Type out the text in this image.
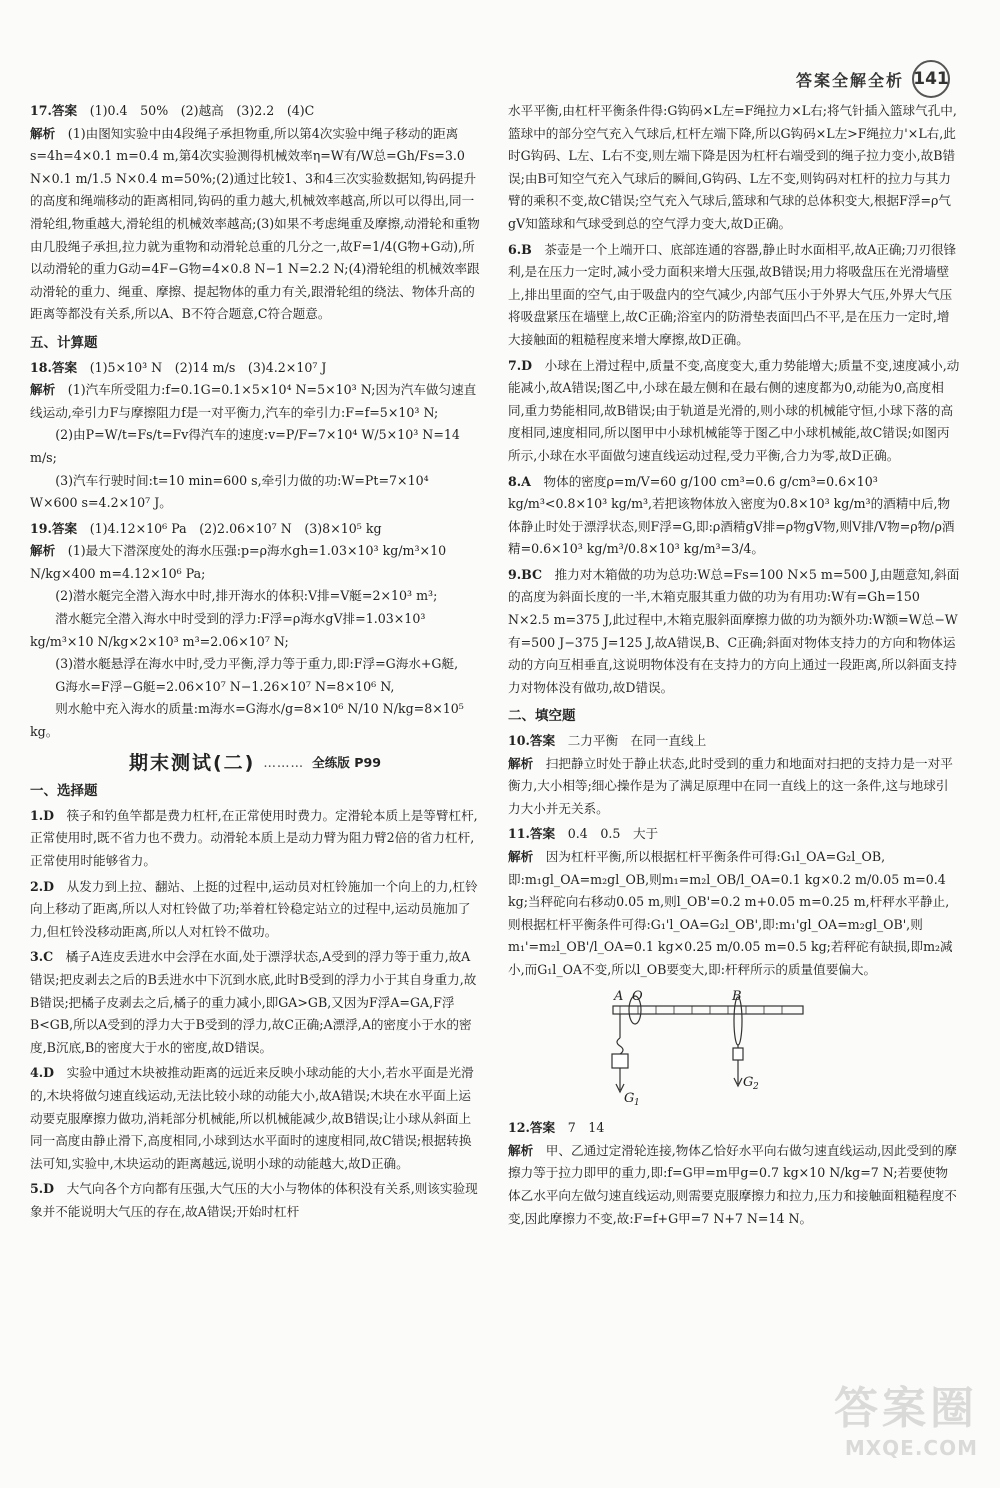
答案全解全析 141

17.答案　 (1)0.4　50%　(2)越高　(3)2.2　(4)C

解析　 (1)由图知实验中由4段绳子承担物重,所以第4次实验中绳子移动的距离s=4h=4×0.1 m=0.4 m,第4次实验测得机械效率η=W有/W总=Gh/Fs=3.0 N×0.1 m/1.5 N×0.4 m=50%;(2)通过比较1、3和4三次实验数据知,钩码提升的高度和绳端移动的距离相同,钩码的重力越大,机械效率越高,所以可以得出,同一滑轮组,物重越大,滑轮组的机械效率越高;(3)如果不考虑绳重及摩擦,动滑轮和重物由几股绳子承担,拉力就为重物和动滑轮总重的几分之一,故F=1/4(G物+G动),所以动滑轮的重力G动=4F−G物=4×0.8 N−1 N=2.2 N;(4)滑轮组的机械效率跟动滑轮的重力、绳重、摩擦、提起物体的重力有关,跟滑轮组的绕法、物体升高的距离等都没有关系,所以A、B不符合题意,C符合题意。

五、计算题

18.答案　 (1)5×10³ N　(2)14 m/s　(3)4.2×10⁷ J

解析　 (1)汽车所受阻力:f=0.1G=0.1×5×10⁴ N=5×10³ N;因为汽车做匀速直线运动,牵引力F与摩擦阻力f是一对平衡力,汽车的牵引力:F=f=5×10³ N;

(2)由P=W/t=Fs/t=Fv得汽车的速度:v=P/F=7×10⁴ W/5×10³ N=14 m/s;

(3)汽车行驶时间:t=10 min=600 s,牵引力做的功:W=Pt=7×10⁴ W×600 s=4.2×10⁷ J。

19.答案　 (1)4.12×10⁶ Pa　(2)2.06×10⁷ N　(3)8×10⁵ kg

解析　 (1)最大下潜深度处的海水压强:p=ρ海水gh=1.03×10³ kg/m³×10 N/kg×400 m=4.12×10⁶ Pa;

(2)潜水艇完全潜入海水中时,排开海水的体积:V排=V艇=2×10³ m³;

潜水艇完全潜入海水中时受到的浮力:F浮=ρ海水gV排=1.03×10³ kg/m³×10 N/kg×2×10³ m³=2.06×10⁷ N;

(3)潜水艇悬浮在海水中时,受力平衡,浮力等于重力,即:F浮=G海水+G艇,

G海水=F浮−G艇=2.06×10⁷ N−1.26×10⁷ N=8×10⁶ N,

则水舱中充入海水的质量:m海水=G海水/g=8×10⁶ N/10 N/kg=8×10⁵ kg。

期末测试(二) ……… 全练版 P99
一、选择题

1.D　 筷子和钓鱼竿都是费力杠杆,在正常使用时费力。定滑轮本质上是等臂杠杆,正常使用时,既不省力也不费力。动滑轮本质上是动力臂为阻力臂2倍的省力杠杆,正常使用时能够省力。

2.D　 从发力到上拉、翻站、上挺的过程中,运动员对杠铃施加一个向上的力,杠铃向上移动了距离,所以人对杠铃做了功;举着杠铃稳定站立的过程中,运动员施加了力,但杠铃没移动距离,所以人对杠铃不做功。

3.C　 橘子A连皮丢进水中会浮在水面,处于漂浮状态,A受到的浮力等于重力,故A错误;把皮剥去之后的B丢进水中下沉到水底,此时B受到的浮力小于其自身重力,故B错误;把橘子皮剥去之后,橘子的重力减小,即GA>GB,又因为F浮A=GA,F浮B<GB,所以A受到的浮力大于B受到的浮力,故C正确;A漂浮,A的密度小于水的密度,B沉底,B的密度大于水的密度,故D错误。

4.D　 实验中通过木块被推动距离的远近来反映小球动能的大小,若水平面是光滑的,木块将做匀速直线运动,无法比较小球的动能大小,故A错误;木块在水平面上运动要克服摩擦力做功,消耗部分机械能,所以机械能减少,故B错误;让小球从斜面上同一高度由静止滑下,高度相同,小球到达水平面时的速度相同,故C错误;根据转换法可知,实验中,木块运动的距离越远,说明小球的动能越大,故D正确。

5.D　 大气向各个方向都有压强,大气压的大小与物体的体积没有关系,则该实验现象并不能说明大气压的存在,故A错误;开始时杠杆

水平平衡,由杠杆平衡条件得:G钩码×L左=F绳拉力×L右;将气针插入篮球气孔中,篮球中的部分空气充入气球后,杠杆左端下降,所以G钩码×L左>F绳拉力'×L右,此时G钩码、L左、L右不变,则左端下降是因为杠杆右端受到的绳子拉力变小,故B错误;由B可知空气充入气球后的瞬间,G钩码、L左不变,则钩码对杠杆的拉力与其力臂的乘积不变,故C错误;空气充入气球后,篮球和气球的总体积变大,根据F浮=ρ气gV知篮球和气球受到总的空气浮力变大,故D正确。

6.B　 茶壶是一个上端开口、底部连通的容器,静止时水面相平,故A正确;刀刃很锋利,是在压力一定时,减小受力面积来增大压强,故B错误;用力将吸盘压在光滑墙壁上,排出里面的空气,由于吸盘内的空气减少,内部气压小于外界大气压,外界大气压将吸盘紧压在墙壁上,故C正确;浴室内的防滑垫表面凹凸不平,是在压力一定时,增大接触面的粗糙程度来增大摩擦,故D正确。

7.D　 小球在上滑过程中,质量不变,高度变大,重力势能增大;质量不变,速度减小,动能减小,故A错误;图乙中,小球在最左侧和在最右侧的速度都为0,动能为0,高度相同,重力势能相同,故B错误;由于轨道是光滑的,则小球的机械能守恒,小球下落的高度相同,速度相同,所以图甲中小球机械能等于图乙中小球机械能,故C错误;如图丙所示,小球在水平面做匀速直线运动过程,受力平衡,合力为零,故D正确。

8.A　 物体的密度ρ=m/V=60 g/100 cm³=0.6 g/cm³=0.6×10³ kg/m³<0.8×10³ kg/m³,若把该物体放入密度为0.8×10³ kg/m³的酒精中后,物体静止时处于漂浮状态,则F浮=G,即:ρ酒精gV排=ρ物gV物,则V排/V物=ρ物/ρ酒精=0.6×10³ kg/m³/0.8×10³ kg/m³=3/4。

9.BC　 推力对木箱做的功为总功:W总=Fs=100 N×5 m=500 J,由题意知,斜面的高度为斜面长度的一半,木箱克服其重力做的功为有用功:W有=Gh=150 N×2.5 m=375 J,此过程中,木箱克服斜面摩擦力做的功为额外功:W额=W总−W有=500 J−375 J=125 J,故A错误,B、C正确;斜面对物体支持力的方向和物体运动的方向互相垂直,这说明物体没有在支持力的方向上通过一段距离,所以斜面支持力对物体没有做功,故D错误。

二、填空题

10.答案　 二力平衡　在同一直线上

解析　 扫把静立时处于静止状态,此时受到的重力和地面对扫把的支持力是一对平衡力,大小相等;细心操作是为了满足原理中在同一直线上的这一条件,这与地球引力大小并无关系。

11.答案　 0.4　0.5　大于

解析　 因为杠杆平衡,所以根据杠杆平衡条件可得:G₁l_OA=G₂l_OB,即:m₁gl_OA=m₂gl_OB,则m₁=m₂l_OB/l_OA=0.1 kg×0.2 m/0.05 m=0.4 kg;当秤砣向右移动0.05 m,则l_OB'=0.2 m+0.05 m=0.25 m,杆秤水平静止,则根据杠杆平衡条件可得:G₁'l_OA=G₂l_OB',即:m₁'gl_OA=m₂gl_OB',则m₁'=m₂l_OB'/l_OA=0.1 kg×0.25 m/0.05 m=0.5 kg;若秤砣有缺损,即m₂减小,而G₁l_OA不变,所以l_OB要变大,即:杆秤所示的质量值要偏大。

A O	B
G 1
G 2

12.答案　 7　14

解析　 甲、乙通过定滑轮连接,物体乙恰好水平向右做匀速直线运动,因此受到的摩擦力等于拉力即甲的重力,即:f=G甲=m甲g=0.7 kg×10 N/kg=7 N;若要使物体乙水平向左做匀速直线运动,则需要克服摩擦力和拉力,压力和接触面粗糙程度不变,因此摩擦力不变,故:F=f+G甲=7 N+7 N=14 N。

答案圈
MXQE.COM
